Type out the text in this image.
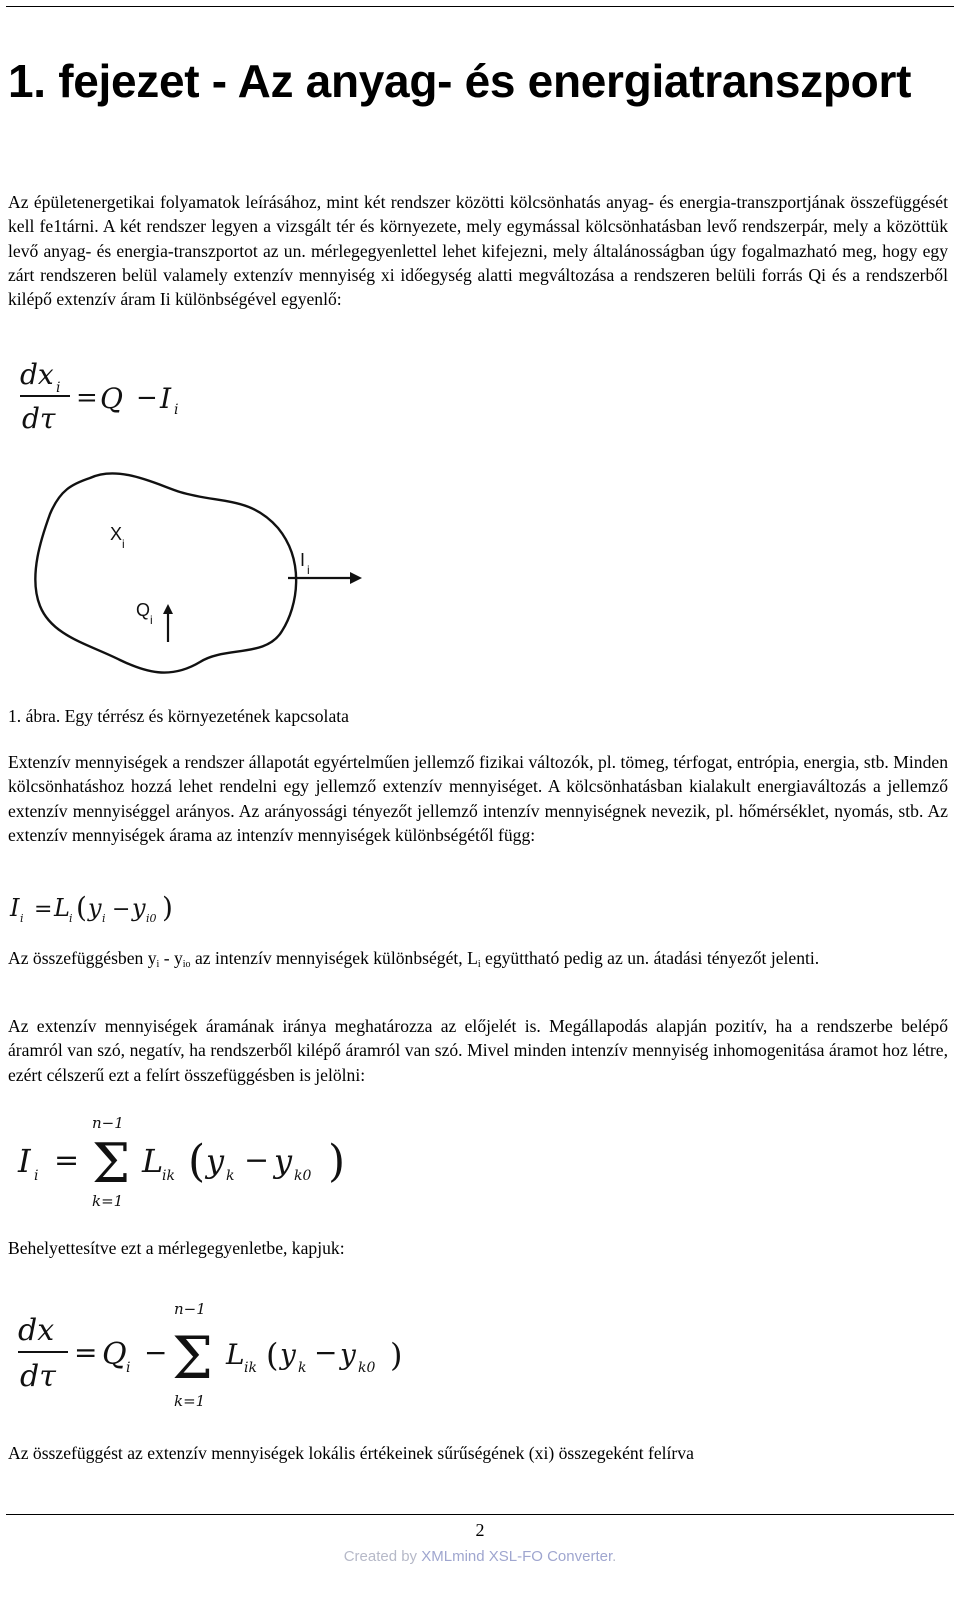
1. fejezet - Az anyag- és energiatranszport

Az épületenergetikai folyamatok leírásához, mint két rendszer közötti kölcsönhatás anyag- és energia-transzportjának összefüggését kell fe1tárni. A két rendszer legyen a vizsgált tér és környezete, mely egymással kölcsönhatásban levő rendszerpár, mely a közöttük levő anyag- és energia-transzportot az un. mérlegegyenlettel lehet kifejezni, mely általánosságban úgy fogalmazható meg, hogy egy zárt rendszeren belül valamely extenzív mennyiség xi időegység alatti megváltozása a rendszeren belüli forrás Qi és a rendszerből kilépő extenzív áram Ii különbségével egyenlő:

dx i
dτ
= Q − I i
X i
I i
Q i

1. ábra. Egy térrész és környezetének kapcsolata

Extenzív mennyiségek a rendszer állapotát egyértelműen jellemző fizikai változók, pl. tömeg, térfogat, entrópia, energia, stb. Minden kölcsönhatáshoz hozzá lehet rendelni egy jellemző extenzív mennyiséget. A kölcsönhatásban kialakult energiaváltozás a jellemző extenzív mennyiséggel arányos. Az arányossági tényezőt jellemző intenzív mennyiségnek nevezik, pl. hőmérséklet, nyomás, stb. Az extenzív mennyiségek árama az intenzív mennyiségek különbségétől függ:

I i = L i ( y i − y i0 )

Az összefüggésben $y_i - y_{io}$ az intenzív mennyiségek különbségét, $L_i$ együttható pedig az un. átadási tényezőt jelenti.

Az extenzív mennyiségek áramának iránya meghatározza az előjelét is. Megállapodás alapján pozitív, ha a rendszerbe belépő áramról van szó, negatív, ha rendszerből kilépő áramról van szó. Mivel minden intenzív mennyiség inhomogenitása áramot hoz létre, ezért célszerű ezt a felírt összefüggésben is jelölni:

I i =
n−1
Σ
k=1
L
ik ( y k − y k0 )

Behelyettesítve ezt a mérlegegyenletbe, kapjuk:

dx
dτ
= Q i −
n−1
Σ
k=1
L ik ( y k − y k0 )

Az összefüggést az extenzív mennyiségek lokális értékeinek sűrűségének (xi) összegeként felírva

2
Created by XMLmind XSL-FO Converter.
